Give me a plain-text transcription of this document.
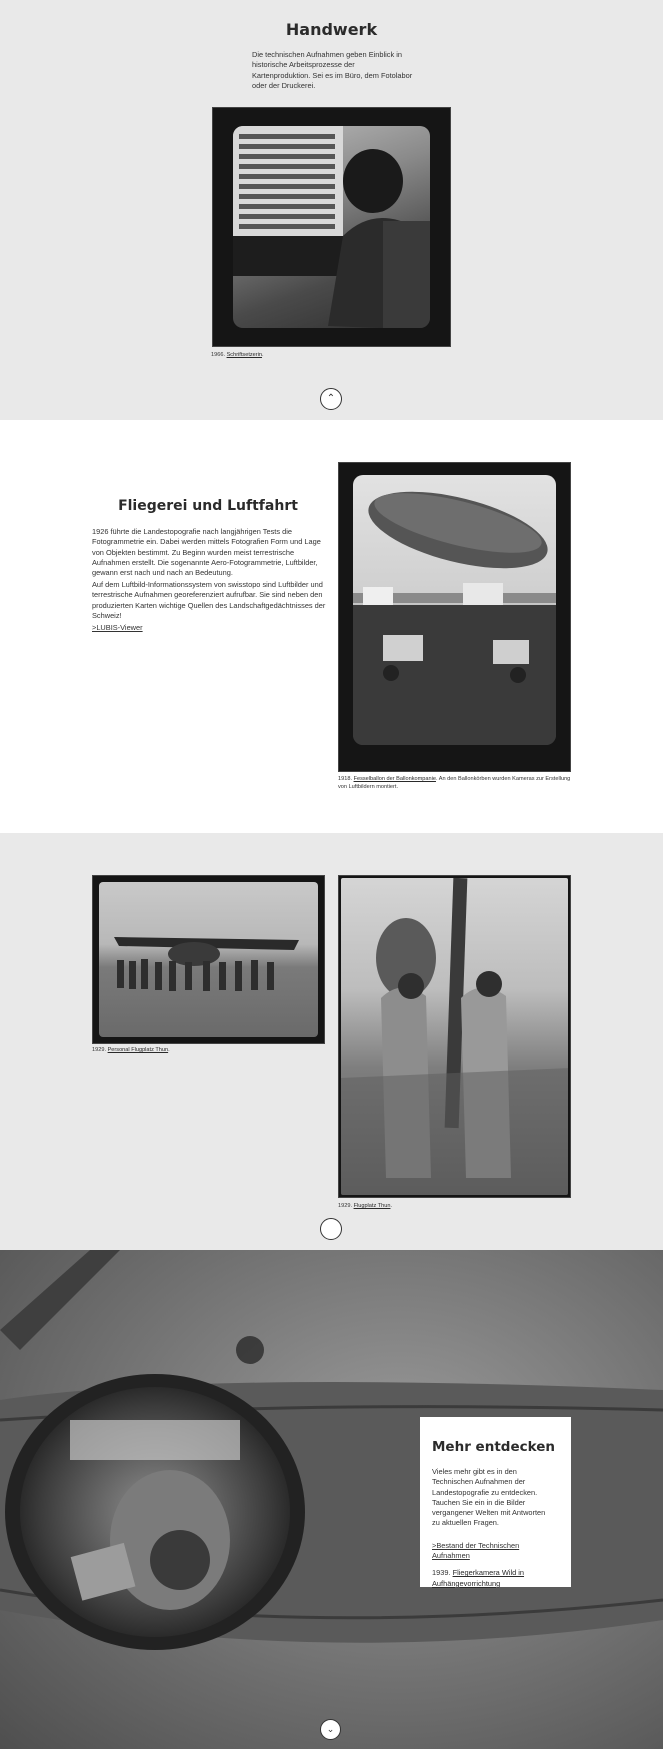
Handwerk

Die technischen Aufnahmen geben Einblick in historische Arbeitsprozesse der Kartenproduktion. Sei es im Büro, dem Fotolabor oder der Druckerei.

1966. Schriftsetzerin.

⌃
Fliegerei und Luftfahrt

1926 führte die Landestopografie nach langjährigen Tests die Fotogrammetrie ein. Dabei werden mittels Fotografien Form und Lage von Objekten bestimmt. Zu Beginn wurden meist terrestrische Aufnahmen erstellt. Die sogenannte Aero-Fotogrammetrie, Luftbilder, gewann erst nach und nach an Bedeutung.

Auf dem Luftbild-Informationssystem von swisstopo sind Luftbilder und terrestrische Aufnahmen georeferenziert aufrufbar. Sie sind neben den produzierten Karten wichtige Quellen des Landschaftgedächtnisses der Schweiz!

>LUBIS-Viewer

1918. Fesselballon der Ballonkompanie. An den Ballonkörben wurden Kameras zur Erstellung von Luftbildern montiert.

1929. Personal Flugplatz Thun.

1929. Flugplatz Thun.

Mehr entdecken

Vieles mehr gibt es in den Technischen Aufnahmen der Landestopografie zu entdecken. Tauchen Sie ein in die Bilder vergangener Welten mit Antworten zu aktuellen Fragen.

>Bestand der Technischen Aufnahmen

1939. Fliegerkamera Wild in Aufhängevorrichtung

⌄
